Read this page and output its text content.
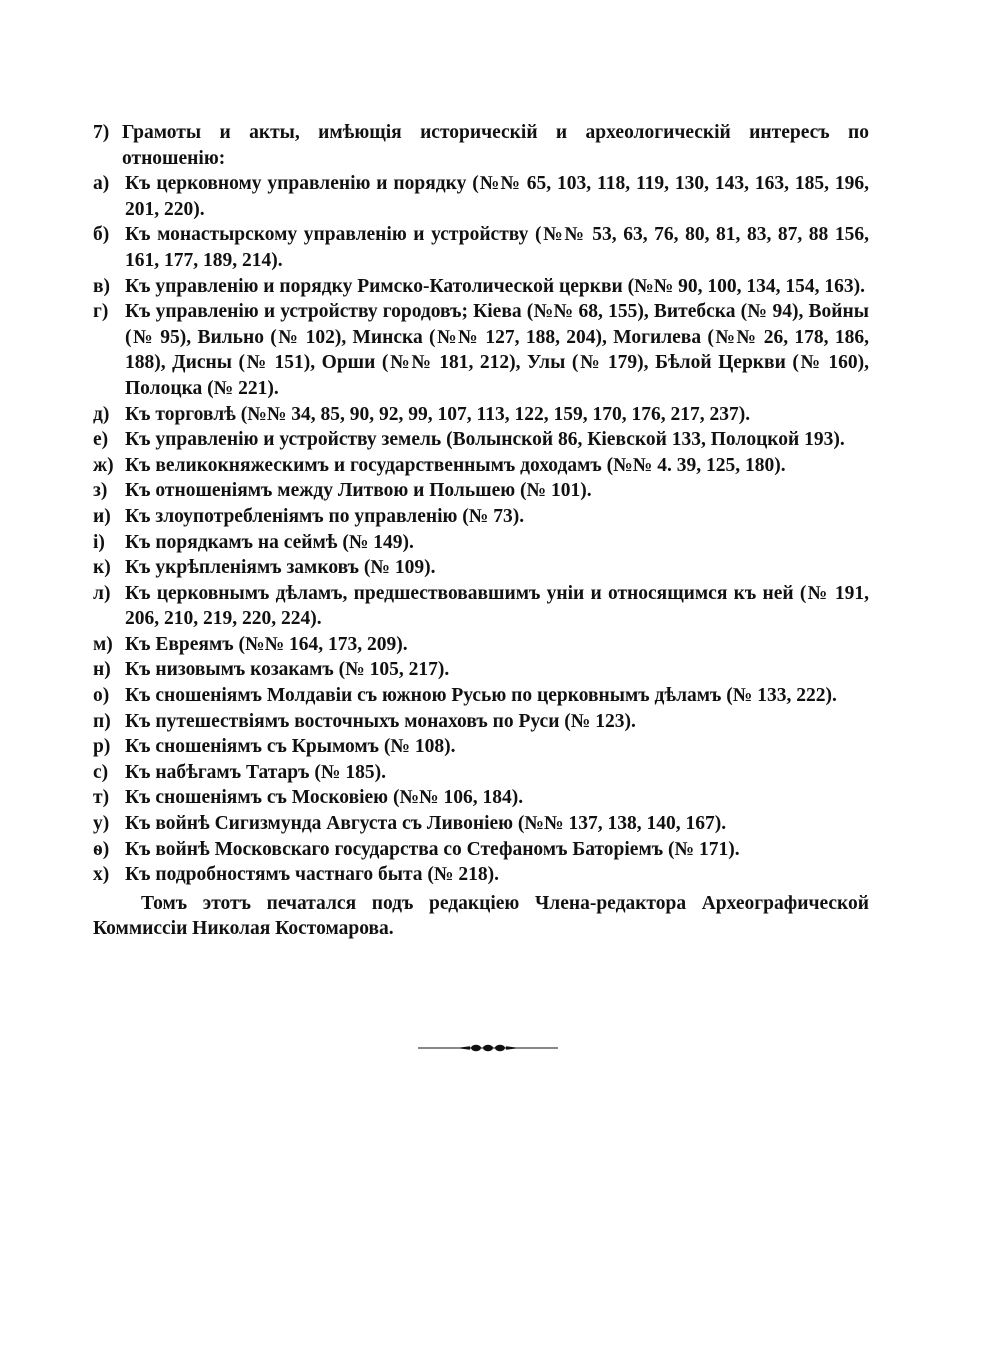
7) Грамоты и акты, имѣющія историческій и археологическій интересъ по отношенію:
а) Къ церковному управленію и порядку (№№ 65, 103, 118, 119, 130, 143, 163, 185, 196, 201, 220).
б) Къ монастырскому управленію и устройству (№№ 53, 63, 76, 80, 81, 83, 87, 88 156, 161, 177, 189, 214).
в) Къ управленію и порядку Римско-Католической церкви (№№ 90, 100, 134, 154, 163).
г) Къ управленію и устройству городовъ; Кіева (№№ 68, 155), Витебска (№ 94), Войны (№ 95), Вильно (№ 102), Минска (№№ 127, 188, 204), Могилева (№№ 26, 178, 186, 188), Дисны (№ 151), Орши (№№ 181, 212), Улы (№ 179), Бѣлой Церкви (№ 160), Полоцка (№ 221).
д) Къ торговлѣ (№№ 34, 85, 90, 92, 99, 107, 113, 122, 159, 170, 176, 217, 237).
е) Къ управленію и устройству земель (Волынской 86, Кіевской 133, Полоцкой 193).
ж) Къ великокняжескимъ и государственнымъ доходамъ (№№ 4. 39, 125, 180).
з) Къ отношеніямъ между Литвою и Польшею (№ 101).
и) Къ злоупотребленіямъ по управленію (№ 73).
і)	Къ порядкамъ на сеймѣ (№ 149).
к) Къ укрѣпленіямъ замковъ (№ 109).
л) Къ церковнымъ дѣламъ, предшествовавшимъ уніи и относящимся къ ней (№ 191, 206, 210, 219, 220, 224).
м) Къ Евреямъ (№№ 164, 173, 209).
н) Къ низовымъ козакамъ (№ 105, 217).
о) Къ сношеніямъ Молдавіи съ южною Русью по церковнымъ дѣламъ (№ 133, 222).
п) Къ путешествіямъ восточныхъ монаховъ по Руси (№ 123).
р) Къ сношеніямъ съ Крымомъ (№ 108).
с) Къ набѣгамъ Татаръ (№ 185).
т) Къ сношеніямъ съ Московіею (№№ 106, 184).
у) Къ войнѣ Сигизмунда Августа съ Ливоніею (№№ 137, 138, 140, 167).
ѳ) Къ войнѣ Московскаго государства со Стефаномъ Баторіемъ (№ 171).
х) Къ подробностямъ частнаго быта (№ 218).
Томъ этотъ печатался подъ редакціею Члена-редактора Археографической Коммиссіи Николая Костомарова.
